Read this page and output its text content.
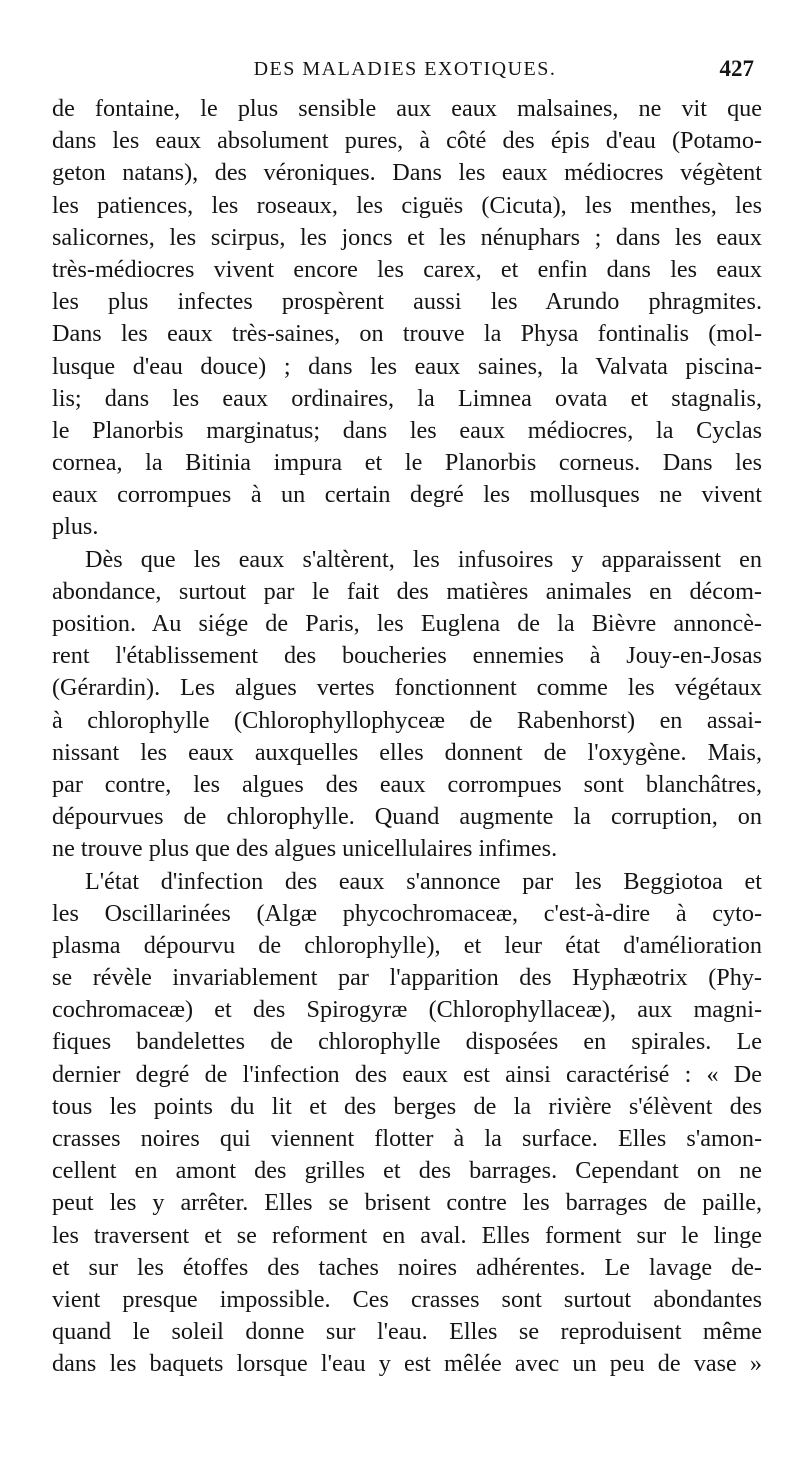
DES MALADIES EXOTIQUES.	427
de fontaine, le plus sensible aux eaux malsaines, ne vit que
dans les eaux absolument pures, à côté des épis d'eau (Potamo-
geton natans), des véroniques. Dans les eaux médiocres végètent
les patiences, les roseaux, les ciguës (Cicuta), les menthes, les
salicornes, les scirpus, les joncs et les nénuphars ; dans les eaux
très-médiocres vivent encore les carex, et enfin dans les eaux
les plus infectes prospèrent aussi les Arundo phragmites.
Dans les eaux très-saines, on trouve la Physa fontinalis (mol-
lusque d'eau douce) ; dans les eaux saines, la Valvata piscina-
lis; dans les eaux ordinaires, la Limnea ovata et stagnalis,
le Planorbis marginatus; dans les eaux médiocres, la Cyclas
cornea, la Bitinia impura et le Planorbis corneus. Dans les
eaux corrompues à un certain degré les mollusques ne vivent
plus.
Dès que les eaux s'altèrent, les infusoires y apparaissent en
abondance, surtout par le fait des matières animales en décom-
position. Au siége de Paris, les Euglena de la Bièvre annoncè-
rent l'établissement des boucheries ennemies à Jouy-en-Josas
(Gérardin). Les algues vertes fonctionnent comme les végétaux
à chlorophylle (Chlorophyllophyceæ de Rabenhorst) en assai-
nissant les eaux auxquelles elles donnent de l'oxygène. Mais,
par contre, les algues des eaux corrompues sont blanchâtres,
dépourvues de chlorophylle. Quand augmente la corruption, on
ne trouve plus que des algues unicellulaires infimes.
L'état d'infection des eaux s'annonce par les Beggiotoa et
les Oscillarinées (Algæ phycochromaceæ, c'est-à-dire à cyto-
plasma dépourvu de chlorophylle), et leur état d'amélioration
se révèle invariablement par l'apparition des Hyphæotrix (Phy-
cochromaceæ) et des Spirogyræ (Chlorophyllaceæ), aux magni-
fiques bandelettes de chlorophylle disposées en spirales. Le
dernier degré de l'infection des eaux est ainsi caractérisé : « De
tous les points du lit et des berges de la rivière s'élèvent des
crasses noires qui viennent flotter à la surface. Elles s'amon-
cellent en amont des grilles et des barrages. Cependant on ne
peut les y arrêter. Elles se brisent contre les barrages de paille,
les traversent et se reforment en aval. Elles forment sur le linge
et sur les étoffes des taches noires adhérentes. Le lavage de-
vient presque impossible. Ces crasses sont surtout abondantes
quand le soleil donne sur l'eau. Elles se reproduisent même
dans les baquets lorsque l'eau y est mêlée avec un peu de vase »
